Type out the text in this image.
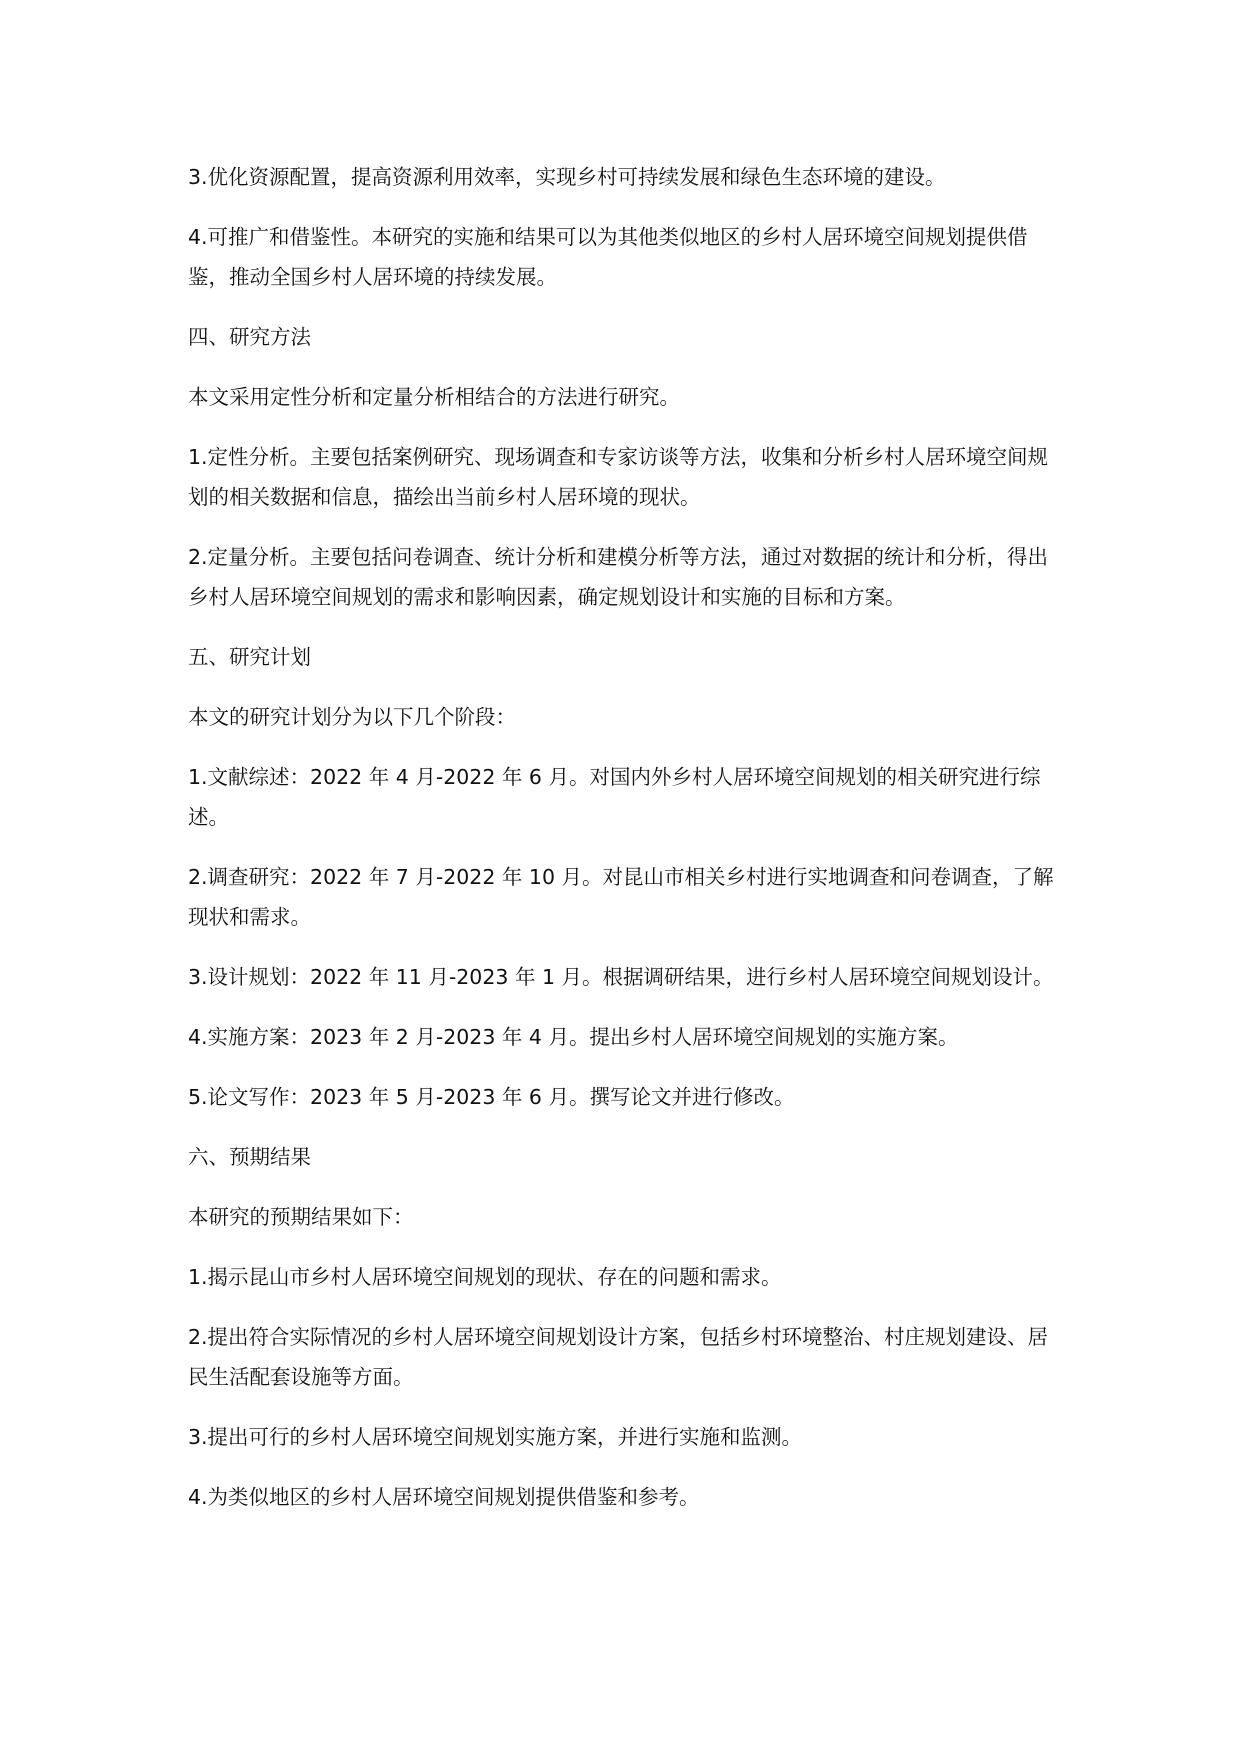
3.优化资源配置，提高资源利用效率，实现乡村可持续发展和绿色生态环境的建设。

4.可推广和借鉴性。本研究的实施和结果可以为其他类似地区的乡村人居环境空间规划提供借鉴，推动全国乡村人居环境的持续发展。

四、研究方法

本文采用定性分析和定量分析相结合的方法进行研究。

1.定性分析。主要包括案例研究、现场调查和专家访谈等方法，收集和分析乡村人居环境空间规划的相关数据和信息，描绘出当前乡村人居环境的现状。

2.定量分析。主要包括问卷调查、统计分析和建模分析等方法，通过对数据的统计和分析，得出乡村人居环境空间规划的需求和影响因素，确定规划设计和实施的目标和方案。

五、研究计划

本文的研究计划分为以下几个阶段：

1.文献综述：2022 年 4 月-2022 年 6 月。对国内外乡村人居环境空间规划的相关研究进行综述。

2.调查研究：2022 年 7 月-2022 年 10 月。对昆山市相关乡村进行实地调查和问卷调查，了解现状和需求。

3.设计规划：2022 年 11 月-2023 年 1 月。根据调研结果，进行乡村人居环境空间规划设计。

4.实施方案：2023 年 2 月-2023 年 4 月。提出乡村人居环境空间规划的实施方案。

5.论文写作：2023 年 5 月-2023 年 6 月。撰写论文并进行修改。

六、预期结果

本研究的预期结果如下：

1.揭示昆山市乡村人居环境空间规划的现状、存在的问题和需求。

2.提出符合实际情况的乡村人居环境空间规划设计方案，包括乡村环境整治、村庄规划建设、居民生活配套设施等方面。

3.提出可行的乡村人居环境空间规划实施方案，并进行实施和监测。

4.为类似地区的乡村人居环境空间规划提供借鉴和参考。
